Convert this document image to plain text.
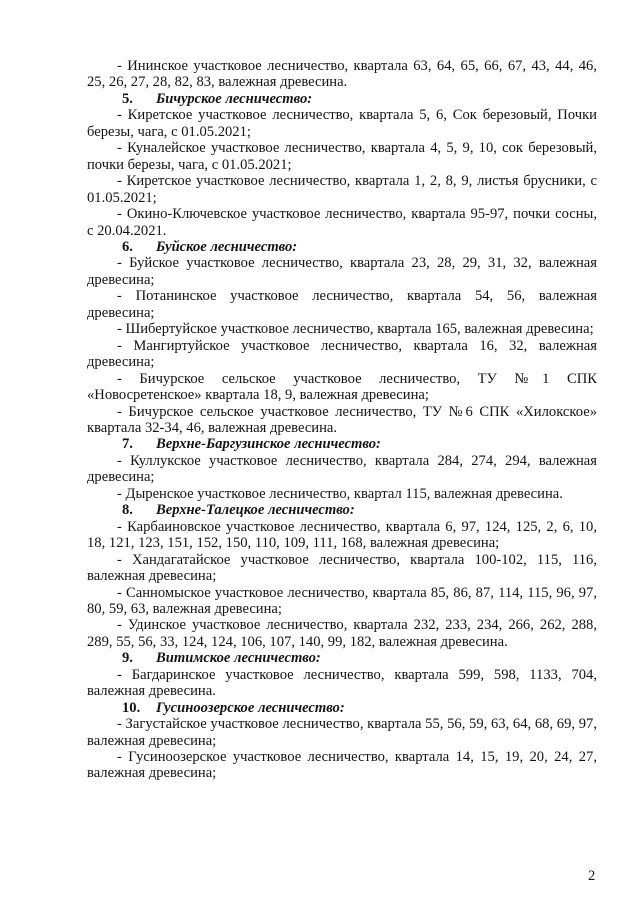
- Ининское участковое лесничество, квартала 63, 64, 65, 66, 67, 43, 44, 46, 25, 26, 27, 28, 82, 83, валежная древесина.

5. Бичурское лесничество:

- Киретское участковое лесничество, квартала 5, 6, Сок березовый, Почки березы, чага, с 01.05.2021;

- Куналейское участковое лесничество, квартала 4, 5, 9, 10, сок березовый, почки березы, чага, с 01.05.2021;

- Киретское участковое лесничество, квартала 1, 2, 8, 9, листья брусники, с 01.05.2021;

- Окино-Ключевское участковое лесничество, квартала 95-97, почки сосны, с 20.04.2021.

6. Буйское лесничество:

- Буйское участковое лесничество, квартала 23, 28, 29, 31, 32, валежная древесина;

- Потанинское участковое лесничество, квартала 54, 56, валежная древесина;

- Шибертуйское участковое лесничество, квартала 165, валежная древесина;

- Мангиртуйское участковое лесничество, квартала 16, 32, валежная древесина;

- Бичурское сельское участковое лесничество, ТУ №1 СПК «Новосретенское» квартала 18, 9, валежная древесина;

- Бичурское сельское участковое лесничество, ТУ №6 СПК «Хилокское» квартала 32-34, 46, валежная древесина.

7. Верхне-Баргузинское лесничество:

- Куллукское участковое лесничество, квартала 284, 274, 294, валежная древесина;

- Дыренское участковое лесничество, квартал 115, валежная древесина.

8. Верхне-Талецкое лесничество:

- Карбаиновское участковое лесничество, квартала 6, 97, 124, 125, 2, 6, 10, 18, 121, 123, 151, 152, 150, 110, 109, 111, 168, валежная древесина;

- Хандагатайское участковое лесничество, квартала 100-102, 115, 116, валежная древесина;

- Санномыское участковое лесничество, квартала 85, 86, 87, 114, 115, 96, 97, 80, 59, 63, валежная древесина;

- Удинское участковое лесничество, квартала 232, 233, 234, 266, 262, 288, 289, 55, 56, 33, 124, 124, 106, 107, 140, 99, 182, валежная древесина.

9. Витимское лесничество:

- Багдаринское участковое лесничество, квартала 599, 598, 1133, 704, валежная древесина.

10. Гусиноозерское лесничество:

- Загустайское участковое лесничество, квартала 55, 56, 59, 63, 64, 68, 69, 97, валежная древесина;

- Гусиноозерское участковое лесничество, квартала 14, 15, 19, 20, 24, 27, валежная древесина;

2
